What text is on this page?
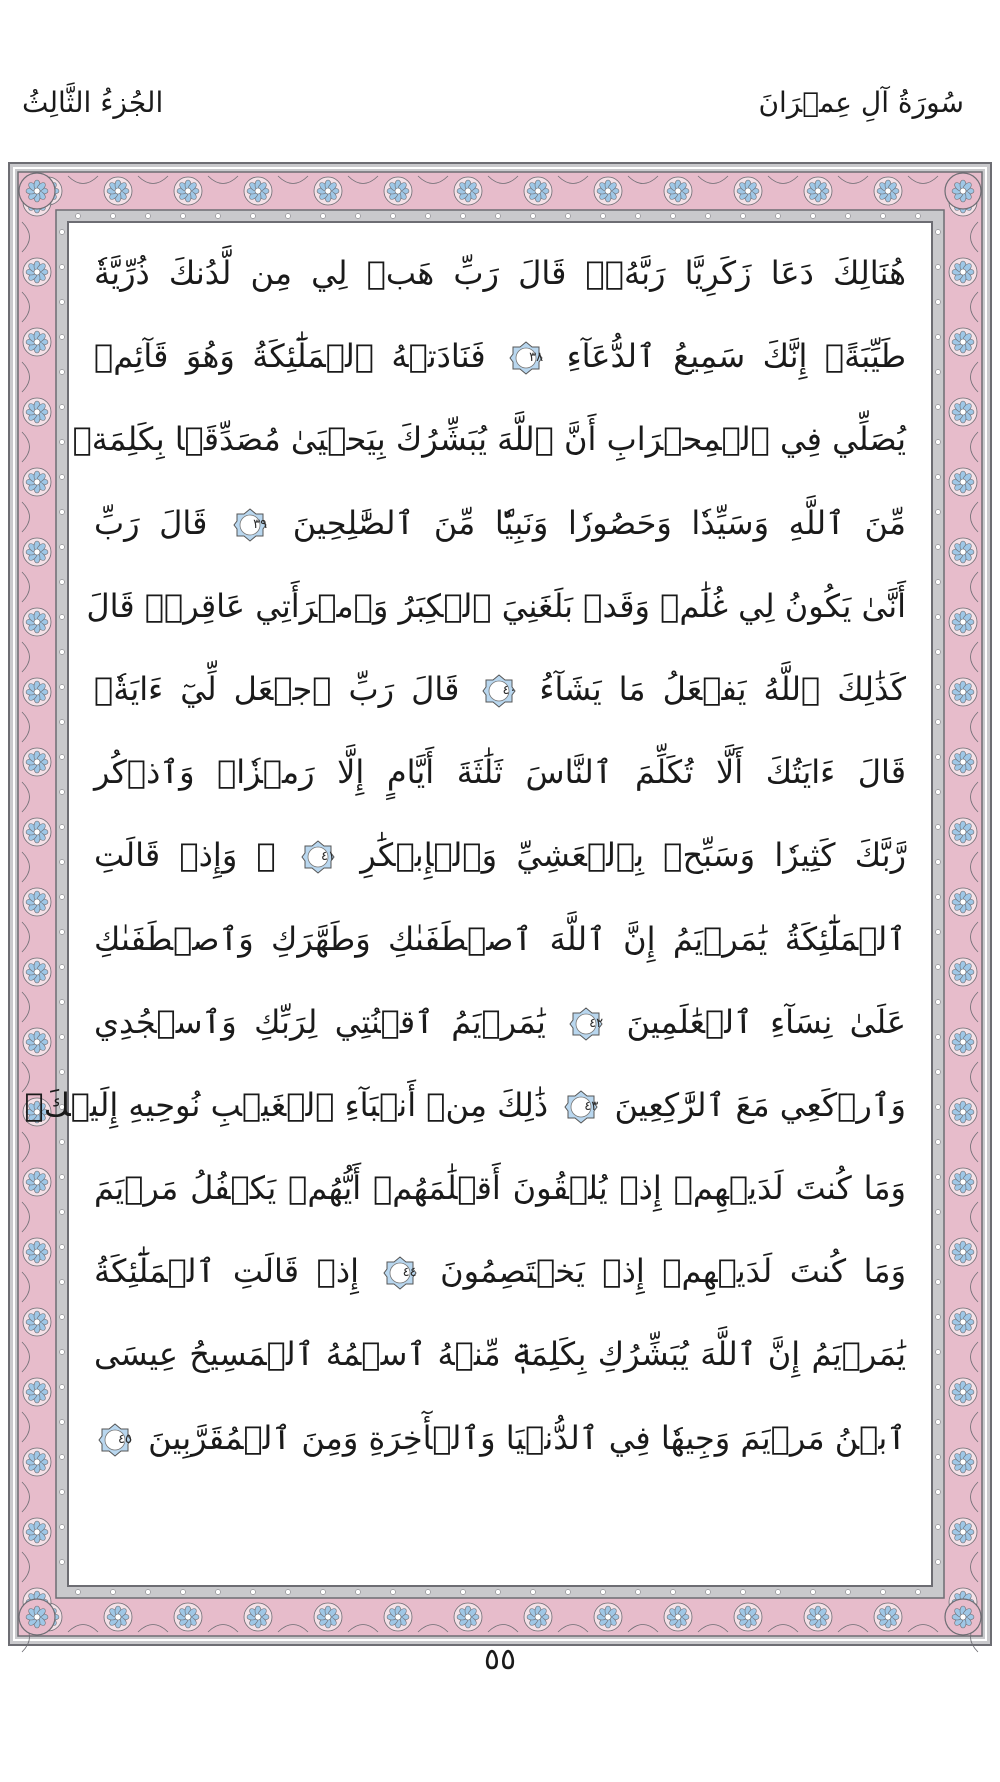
الجُزءُ الثَّالِثُ	سُورَةُ آلِ عِمۡرَانَ
هُنَالِكَ دَعَا زَكَرِيَّا رَبَّهُۥۖ قَالَ رَبِّ هَبۡ لِي مِن لَّدُنكَ ذُرِّيَّةٗ
طَيِّبَةًۖ إِنَّكَ سَمِيعُ ٱلدُّعَآءِ
٣٨
فَنَادَتۡهُ ٱلۡمَلَٰٓئِكَةُ وَهُوَ قَآئِمٞ
يُصَلِّي فِي ٱلۡمِحۡرَابِ أَنَّ ٱللَّهَ يُبَشِّرُكَ بِيَحۡيَىٰ مُصَدِّقَۢا بِكَلِمَةٖ
مِّنَ ٱللَّهِ وَسَيِّدٗا وَحَصُورٗا وَنَبِيّٗا مِّنَ ٱلصَّٰلِحِينَ
٣٩
قَالَ رَبِّ
أَنَّىٰ يَكُونُ لِي غُلَٰمٞ وَقَدۡ بَلَغَنِيَ ٱلۡكِبَرُ وَٱمۡرَأَتِي عَاقِرٞۖ قَالَ
كَذَٰلِكَ ٱللَّهُ يَفۡعَلُ مَا يَشَآءُ
٤٠
قَالَ رَبِّ ٱجۡعَل لِّيٓ ءَايَةٗۖ
قَالَ ءَايَتُكَ أَلَّا تُكَلِّمَ ٱلنَّاسَ ثَلَٰثَةَ أَيَّامٍ إِلَّا رَمۡزٗاۗ وَٱذۡكُر
رَّبَّكَ كَثِيرٗا وَسَبِّحۡ بِٱلۡعَشِيِّ وَٱلۡإِبۡكَٰرِ
٤١
۞ وَإِذۡ قَالَتِ
ٱلۡمَلَٰٓئِكَةُ يَٰمَرۡيَمُ إِنَّ ٱللَّهَ ٱصۡطَفَىٰكِ وَطَهَّرَكِ وَٱصۡطَفَىٰكِ
عَلَىٰ نِسَآءِ ٱلۡعَٰلَمِينَ
٤٢
يَٰمَرۡيَمُ ٱقۡنُتِي لِرَبِّكِ وَٱسۡجُدِي
وَٱرۡكَعِي مَعَ ٱلرَّٰكِعِينَ
٤٣
ذَٰلِكَ مِنۡ أَنۢبَآءِ ٱلۡغَيۡبِ نُوحِيهِ إِلَيۡكَۚ
وَمَا كُنتَ لَدَيۡهِمۡ إِذۡ يُلۡقُونَ أَقۡلَٰمَهُمۡ أَيُّهُمۡ يَكۡفُلُ مَرۡيَمَ
وَمَا كُنتَ لَدَيۡهِمۡ إِذۡ يَخۡتَصِمُونَ
٤٤
إِذۡ قَالَتِ ٱلۡمَلَٰٓئِكَةُ
يَٰمَرۡيَمُ إِنَّ ٱللَّهَ يُبَشِّرُكِ بِكَلِمَةٖ مِّنۡهُ ٱسۡمُهُ ٱلۡمَسِيحُ عِيسَى
ٱبۡنُ مَرۡيَمَ وَجِيهٗا فِي ٱلدُّنۡيَا وَٱلۡأٓخِرَةِ وَمِنَ ٱلۡمُقَرَّبِينَ
٤٥
٥٥
